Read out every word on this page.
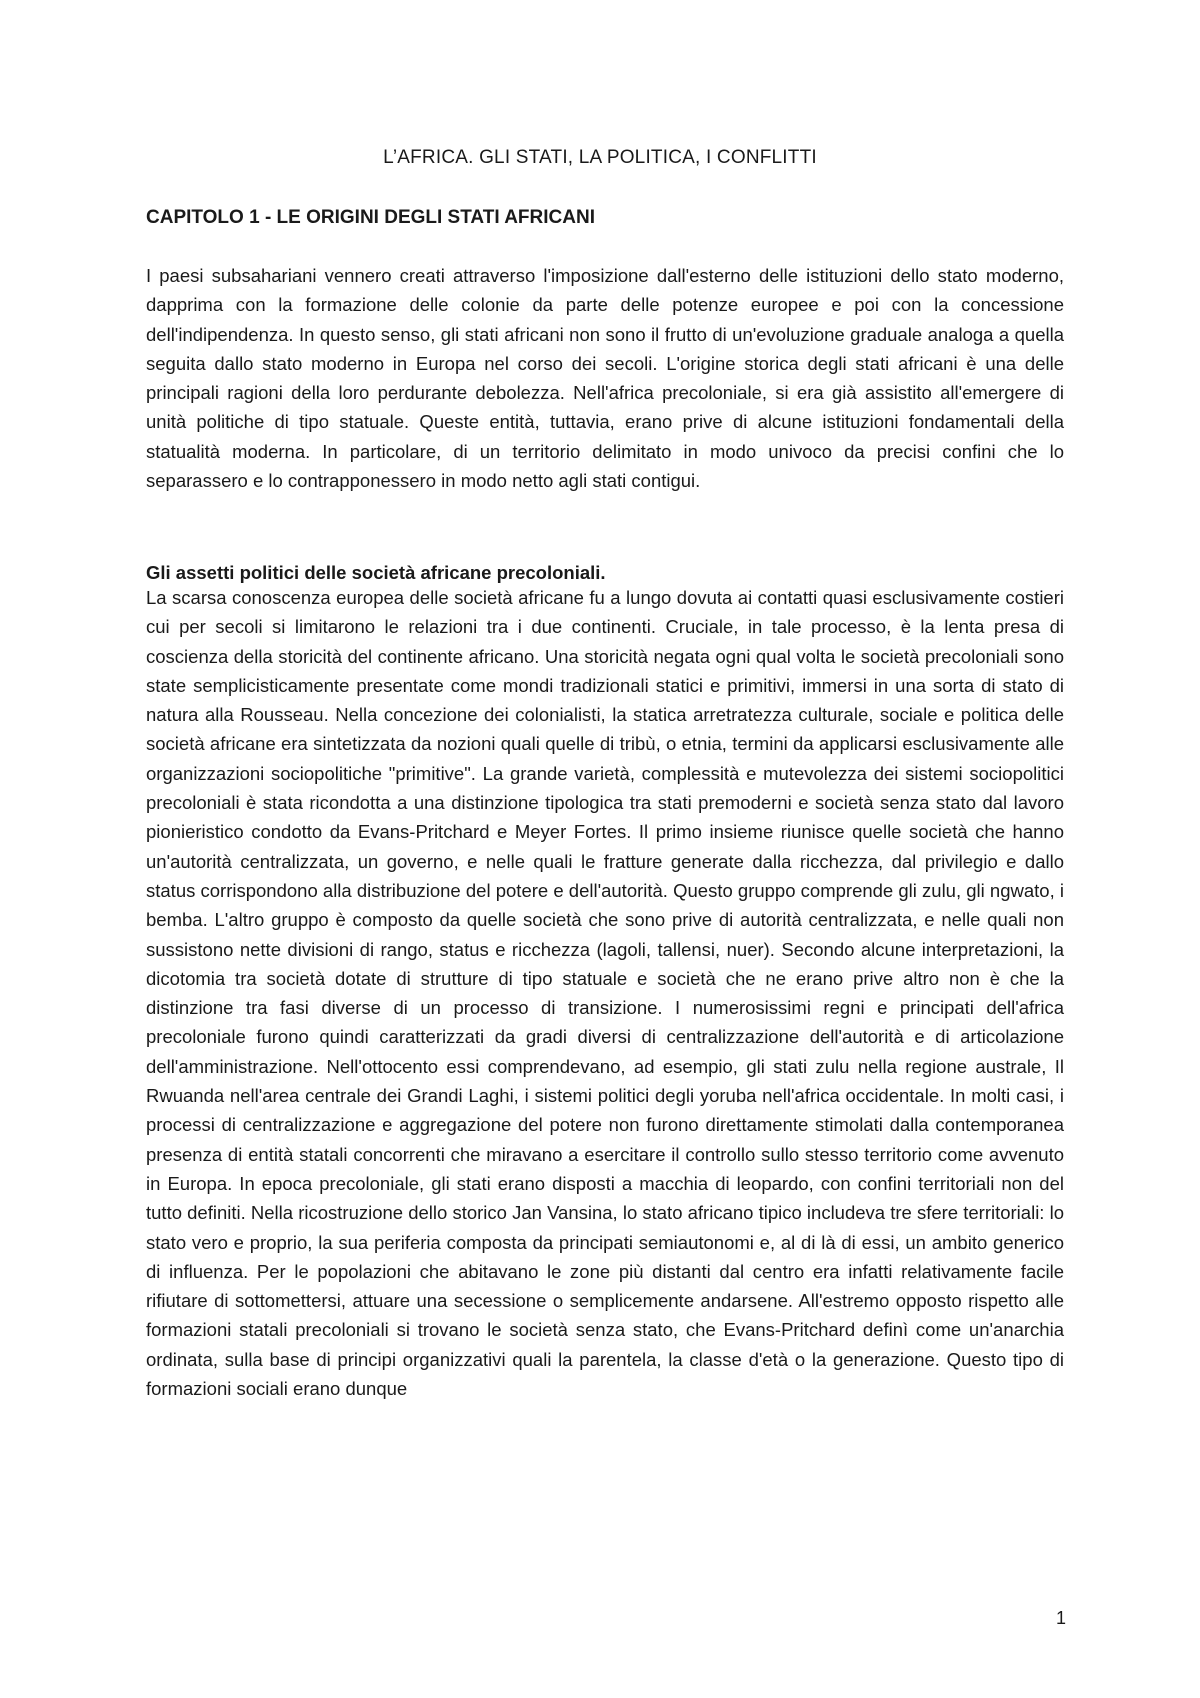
L’AFRICA. GLI STATI, LA POLITICA, I CONFLITTI
CAPITOLO 1 - LE ORIGINI DEGLI STATI AFRICANI

I paesi subsahariani vennero creati attraverso l'imposizione dall'esterno delle istituzioni dello stato moderno, dapprima con la formazione delle colonie da parte delle potenze europee e poi con la concessione dell'indipendenza. In questo senso, gli stati africani non sono il frutto di un'evoluzione graduale analoga a quella seguita dallo stato moderno in Europa nel corso dei secoli. L'origine storica degli stati africani è una delle principali ragioni della loro perdurante debolezza. Nell'africa precoloniale, si era già assistito all'emergere di unità politiche di tipo statuale. Queste entità, tuttavia, erano prive di alcune istituzioni fondamentali della statualità moderna. In particolare, di un territorio delimitato in modo univoco da precisi confini che lo separassero e lo contrapponessero in modo netto agli stati contigui.

Gli assetti politici delle società africane precoloniali.

La scarsa conoscenza europea delle società africane fu a lungo dovuta ai contatti quasi esclusivamente costieri cui per secoli si limitarono le relazioni tra i due continenti. Cruciale, in tale processo, è la lenta presa di coscienza della storicità del continente africano. Una storicità negata ogni qual volta le società precoloniali sono state semplicisticamente presentate come mondi tradizionali statici e primitivi, immersi in una sorta di stato di natura alla Rousseau. Nella concezione dei colonialisti, la statica arretratezza culturale, sociale e politica delle società africane era sintetizzata da nozioni quali quelle di tribù, o etnia, termini da applicarsi esclusivamente alle organizzazioni sociopolitiche "primitive". La grande varietà, complessità e mutevolezza dei sistemi sociopolitici precoloniali è stata ricondotta a una distinzione tipologica tra stati premoderni e società senza stato dal lavoro pionieristico condotto da Evans-Pritchard e Meyer Fortes. Il primo insieme riunisce quelle società che hanno un'autorità centralizzata, un governo, e nelle quali le fratture generate dalla ricchezza, dal privilegio e dallo status corrispondono alla distribuzione del potere e dell'autorità. Questo gruppo comprende gli zulu, gli ngwato, i bemba. L'altro gruppo è composto da quelle società che sono prive di autorità centralizzata, e nelle quali non sussistono nette divisioni di rango, status e ricchezza (lagoli, tallensi, nuer). Secondo alcune interpretazioni, la dicotomia tra società dotate di strutture di tipo statuale e società che ne erano prive altro non è che la distinzione tra fasi diverse di un processo di transizione. I numerosissimi regni e principati dell'africa precoloniale furono quindi caratterizzati da gradi diversi di centralizzazione dell'autorità e di articolazione dell'amministrazione. Nell'ottocento essi comprendevano, ad esempio, gli stati zulu nella regione australe, Il Rwuanda nell'area centrale dei Grandi Laghi, i sistemi politici degli yoruba nell'africa occidentale. In molti casi, i processi di centralizzazione e aggregazione del potere non furono direttamente stimolati dalla contemporanea presenza di entità statali concorrenti che miravano a esercitare il controllo sullo stesso territorio come avvenuto in Europa. In epoca precoloniale, gli stati erano disposti a macchia di leopardo, con confini territoriali non del tutto definiti. Nella ricostruzione dello storico Jan Vansina, lo stato africano tipico includeva tre sfere territoriali: lo stato vero e proprio, la sua periferia composta da principati semiautonomi e, al di là di essi, un ambito generico di influenza. Per le popolazioni che abitavano le zone più distanti dal centro era infatti relativamente facile rifiutare di sottomettersi, attuare una secessione o semplicemente andarsene. All'estremo opposto rispetto alle formazioni statali precoloniali si trovano le società senza stato, che Evans-Pritchard definì come un'anarchia ordinata, sulla base di principi organizzativi quali la parentela, la classe d'età o la generazione. Questo tipo di formazioni sociali erano dunque

1
